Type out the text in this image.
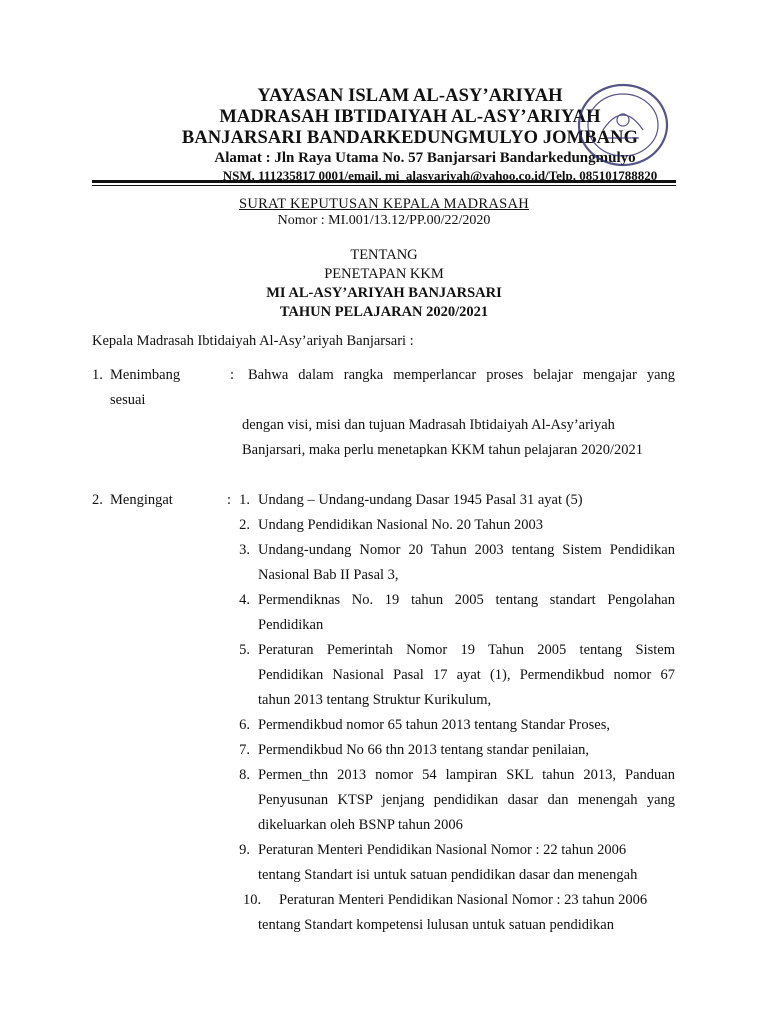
YAYASAN ISLAM AL-ASY’ARIYAH
MADRASAH IBTIDAIYAH AL-ASY’ARIYAH
BANJARSARI BANDARKEDUNGMULYO JOMBANG
Alamat : Jln Raya Utama No. 57 Banjarsari Bandarkedungmulyo
NSM. 111235817 0001/email. mi_alasyariyah@yahoo.co.id/Telp. 085101788820
SURAT KEPUTUSAN KEPALA MADRASAH
Nomor : MI.001/13.12/PP.00/22/2020
TENTANG
PENETAPAN KKM
MI AL-ASY’ARIYAH BANJARSARI
TAHUN PELAJARAN 2020/2021
Kepala Madrasah Ibtidaiyah Al-Asy’ariyah Banjarsari :
1. Menimbang	: Bahwa dalam rangka memperlancar proses belajar mengajar yang
sesuai
dengan visi, misi dan tujuan Madrasah Ibtidaiyah Al-Asy’ariyah
Banjarsari, maka perlu menetapkan KKM tahun pelajaran 2020/2021
2. Mengingat	: 1. Undang – Undang-undang Dasar 1945 Pasal 31 ayat (5)
2. Undang Pendidikan Nasional No. 20 Tahun 2003
3. Undang-undang Nomor 20 Tahun 2003 tentang Sistem Pendidikan
Nasional Bab II Pasal 3,
4. Permendiknas No. 19 tahun 2005 tentang standart Pengolahan
Pendidikan
5. Peraturan Pemerintah Nomor 19 Tahun 2005 tentang Sistem
Pendidikan Nasional Pasal 17 ayat (1), Permendikbud nomor 67
tahun 2013 tentang Struktur Kurikulum,
6. Permendikbud nomor 65 tahun 2013 tentang Standar Proses,
7. Permendikbud No 66 thn 2013 tentang standar penilaian,
8. Permen_thn 2013 nomor 54 lampiran SKL tahun 2013, Panduan
Penyusunan KTSP jenjang pendidikan dasar dan menengah yang
dikeluarkan oleh BSNP tahun 2006
9. Peraturan Menteri Pendidikan Nasional Nomor : 22 tahun 2006
tentang Standart isi untuk satuan pendidikan dasar dan menengah
10. Peraturan Menteri Pendidikan Nasional Nomor : 23 tahun 2006
tentang Standart kompetensi lulusan untuk satuan pendidikan
